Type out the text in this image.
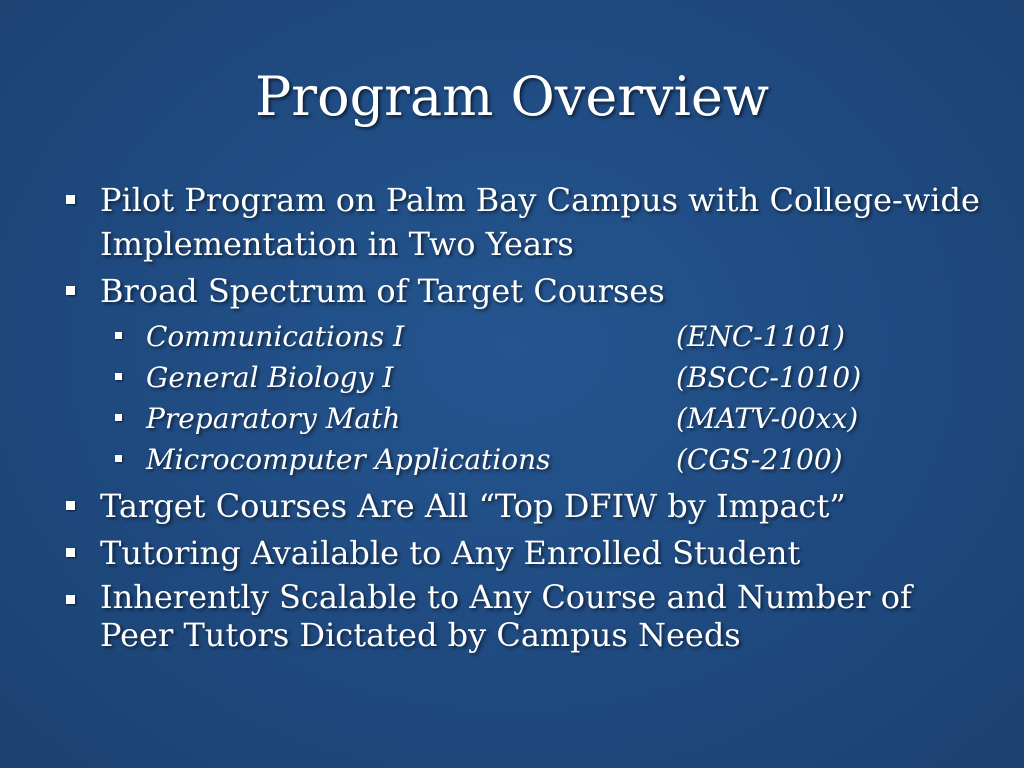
Program Overview
Pilot Program on Palm Bay Campus with College-wide Implementation in Two Years
Broad Spectrum of Target Courses
Communications I	(ENC-1101)
General Biology I	(BSCC-1010)
Preparatory Math	(MATV-00xx)
Microcomputer Applications	(CGS-2100)
Target Courses Are All “Top DFIW by Impact”
Tutoring Available to Any Enrolled Student
Inherently Scalable to Any Course and Number of Peer Tutors Dictated by Campus Needs
